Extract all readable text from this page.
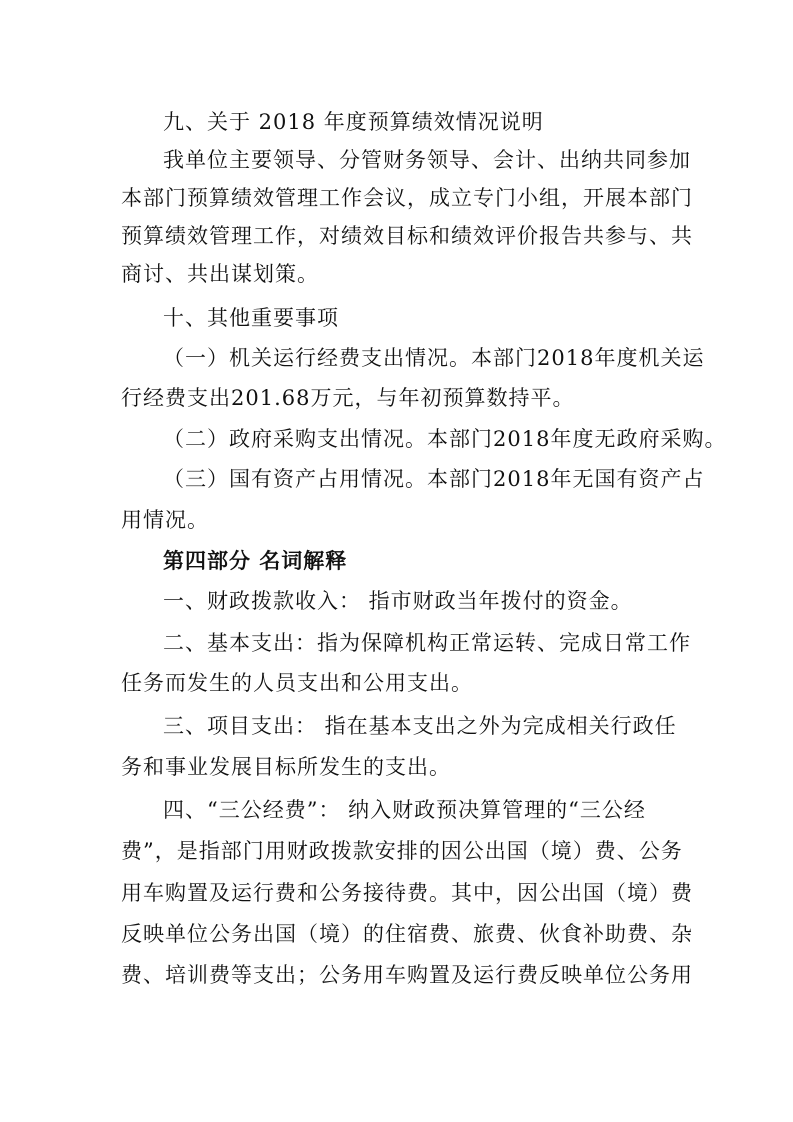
九、关于 2018 年度预算绩效情况说明
我单位主要领导、分管财务领导、会计、出纳共同参加
本部门预算绩效管理工作会议，成立专门小组，开展本部门
预算绩效管理工作，对绩效目标和绩效评价报告共参与、共
商讨、共出谋划策。
十、其他重要事项
（一）机关运行经费支出情况。本部门2018年度机关运
行经费支出201.68万元，与年初预算数持平。
（二）政府采购支出情况。本部门2018年度无政府采购。
（三）国有资产占用情况。本部门2018年无国有资产占
用情况。
第四部分 名词解释
一、财政拨款收入： 指市财政当年拨付的资金。
二、基本支出：指为保障机构正常运转、完成日常工作
任务而发生的人员支出和公用支出。
三、项目支出： 指在基本支出之外为完成相关行政任
务和事业发展目标所发生的支出。
四、“三公经费”： 纳入财政预决算管理的“三公经
费”，是指部门用财政拨款安排的因公出国（境）费、公务
用车购置及运行费和公务接待费。其中，因公出国（境）费
反映单位公务出国（境）的住宿费、旅费、伙食补助费、杂
费、培训费等支出；公务用车购置及运行费反映单位公务用
